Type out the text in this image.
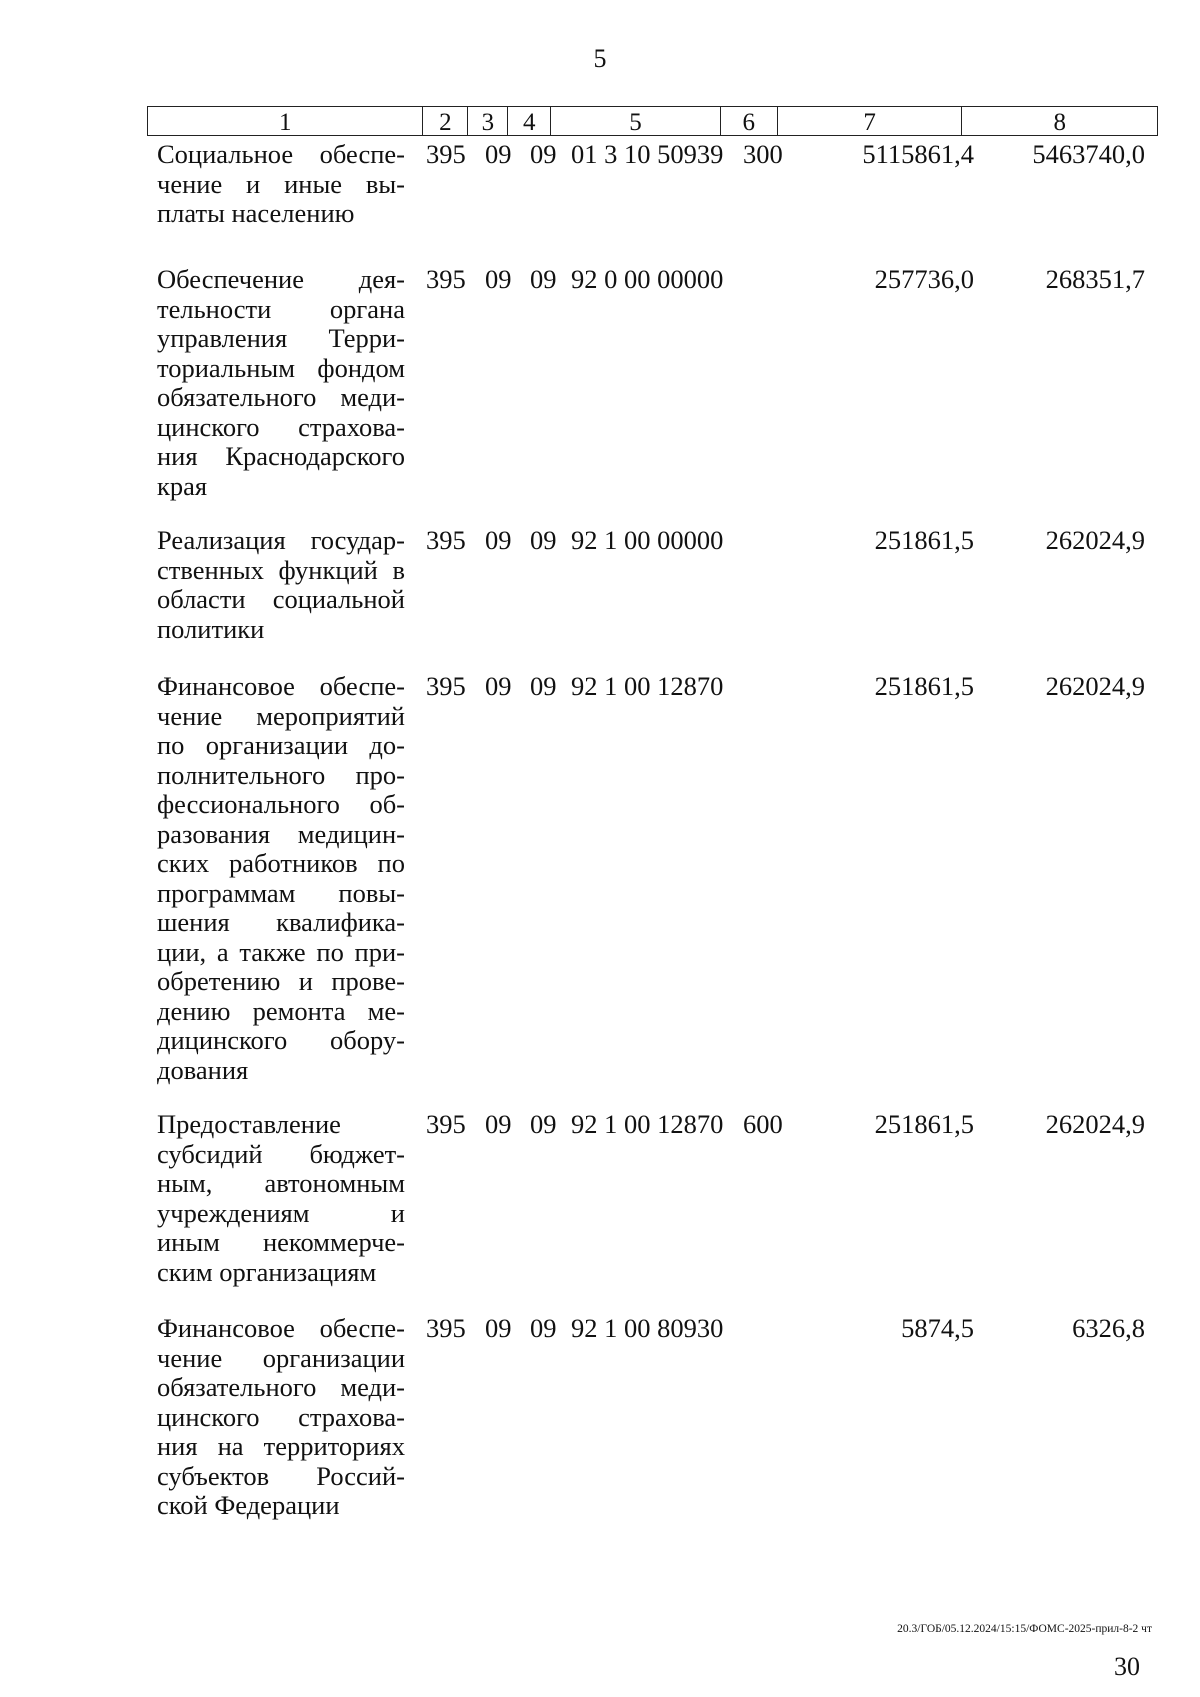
5
1	2	3	4	5	6	7	8
Социальное обеспе-
чение и иные вы-
платы населению
395 09 09 01 3 10 50939 300	5115861,4 5463740,0
Обеспечение дея-
тельности органа
управления Терри-
ториальным фондом
обязательного меди-
цинского страхова-
ния Краснодарского
края
395 09 09 92 0 00 00000	257736,0	268351,7
Реализация государ-
ственных функций в
области социальной
политики
395 09 09 92 1 00 00000	251861,5	262024,9
Финансовое обеспе-
чение мероприятий
по организации до-
полнительного про-
фессионального об-
разования медицин-
ских работников по
программам повы-
шения квалифика-
ции, а также по при-
обретению и прове-
дению ремонта ме-
дицинского обору-
дования
395 09 09 92 1 00 12870	251861,5	262024,9
Предоставление
субсидий бюджет-
ным, автономным
учреждениям и
иным некоммерче-
ским организациям
395 09 09 92 1 00 12870 600	251861,5	262024,9
Финансовое обеспе-
чение организации
обязательного меди-
цинского страхова-
ния на территориях
субъектов Россий-
ской Федерации
395 09 09 92 1 00 80930	5874,5	6326,8
20.3/ГОБ/05.12.2024/15:15/ФОМС-2025-прил-8-2 чт
30
